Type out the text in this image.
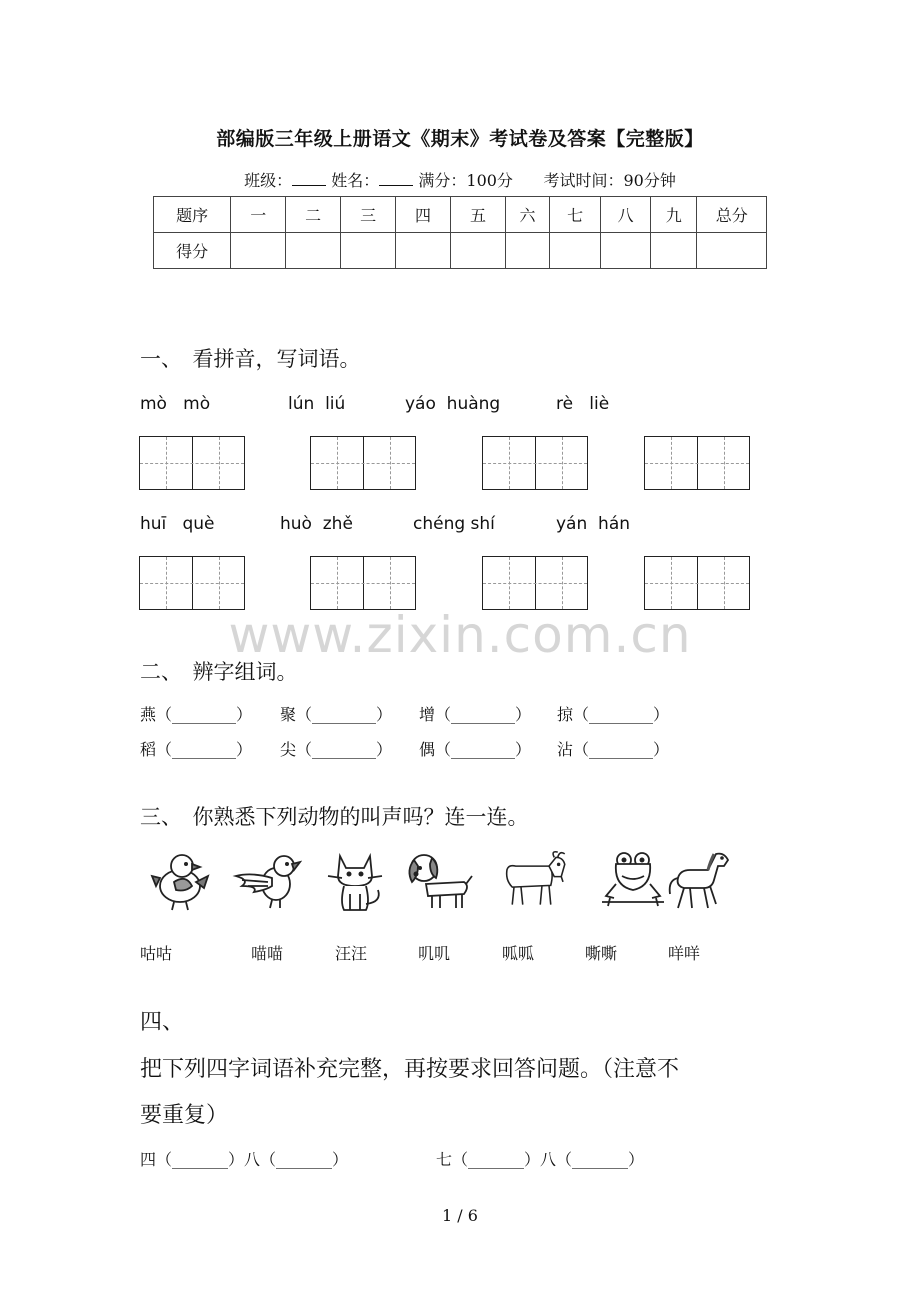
部编版三年级上册语文《期末》考试卷及答案【完整版】
班级： 姓名： 满分：100分 考试时间：90分钟
题序	一	二	三	四	五	六	七	八	九	总分
得分										
一、　看拼音，写词语。
mò   mò	lún  liú	yáo  huàng	rè   liè
huī   què	huò  zhě	chéng shí	yán  hán
www.zixin.com.cn
二、　辨字组词。
燕（________） 聚（________） 增（________） 掠（________）
稻（________） 尖（________） 偶（________） 沾（________）
三、　你熟悉下列动物的叫声吗？连一连。
咕咕	喵喵	汪汪	叽叽	呱呱	嘶嘶	咩咩
四、
把下列四字词语补充完整，再按要求回答问题。（注意不
要重复）
四（_______）八（_______）	七（_______）八（_______）
1 / 6
